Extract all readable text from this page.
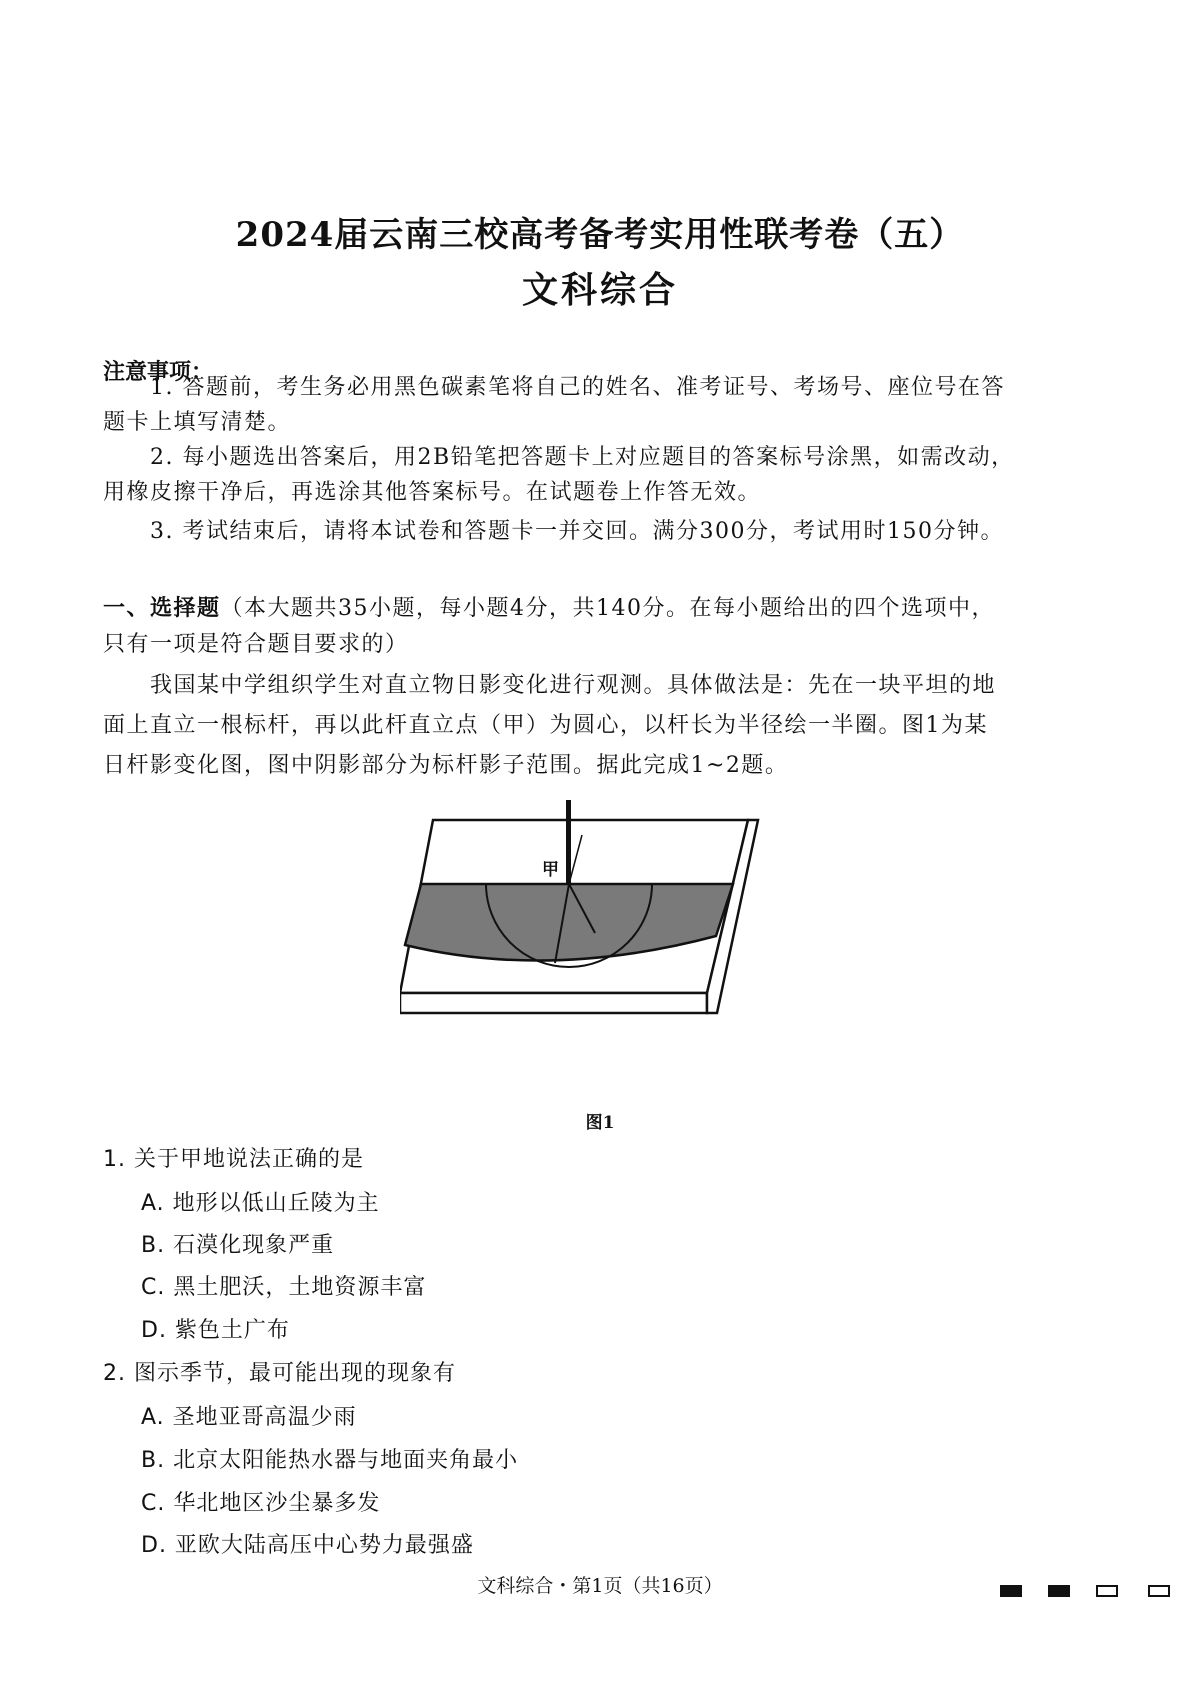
2024届云南三校高考备考实用性联考卷（五）
文科综合
注意事项：
1. 答题前，考生务必用黑色碳素笔将自己的姓名、准考证号、考场号、座位号在答
题卡上填写清楚。
2. 每小题选出答案后，用2B铅笔把答题卡上对应题目的答案标号涂黑，如需改动，
用橡皮擦干净后，再选涂其他答案标号。在试题卷上作答无效。
3. 考试结束后，请将本试卷和答题卡一并交回。满分300分，考试用时150分钟。
一、选择题（本大题共35小题，每小题4分，共140分。在每小题给出的四个选项中，
只有一项是符合题目要求的）
我国某中学组织学生对直立物日影变化进行观测。具体做法是：先在一块平坦的地
面上直立一根标杆，再以此杆直立点（甲）为圆心，以杆长为半径绘一半圈。图1为某
日杆影变化图，图中阴影部分为标杆影子范围。据此完成1~2题。
甲
图1
1. 关于甲地说法正确的是
A. 地形以低山丘陵为主
B. 石漠化现象严重
C. 黑土肥沃，土地资源丰富
D. 紫色土广布
2. 图示季节，最可能出现的现象有
A. 圣地亚哥高温少雨
B. 北京太阳能热水器与地面夹角最小
C. 华北地区沙尘暴多发
D. 亚欧大陆高压中心势力最强盛
文科综合・第1页（共16页）
